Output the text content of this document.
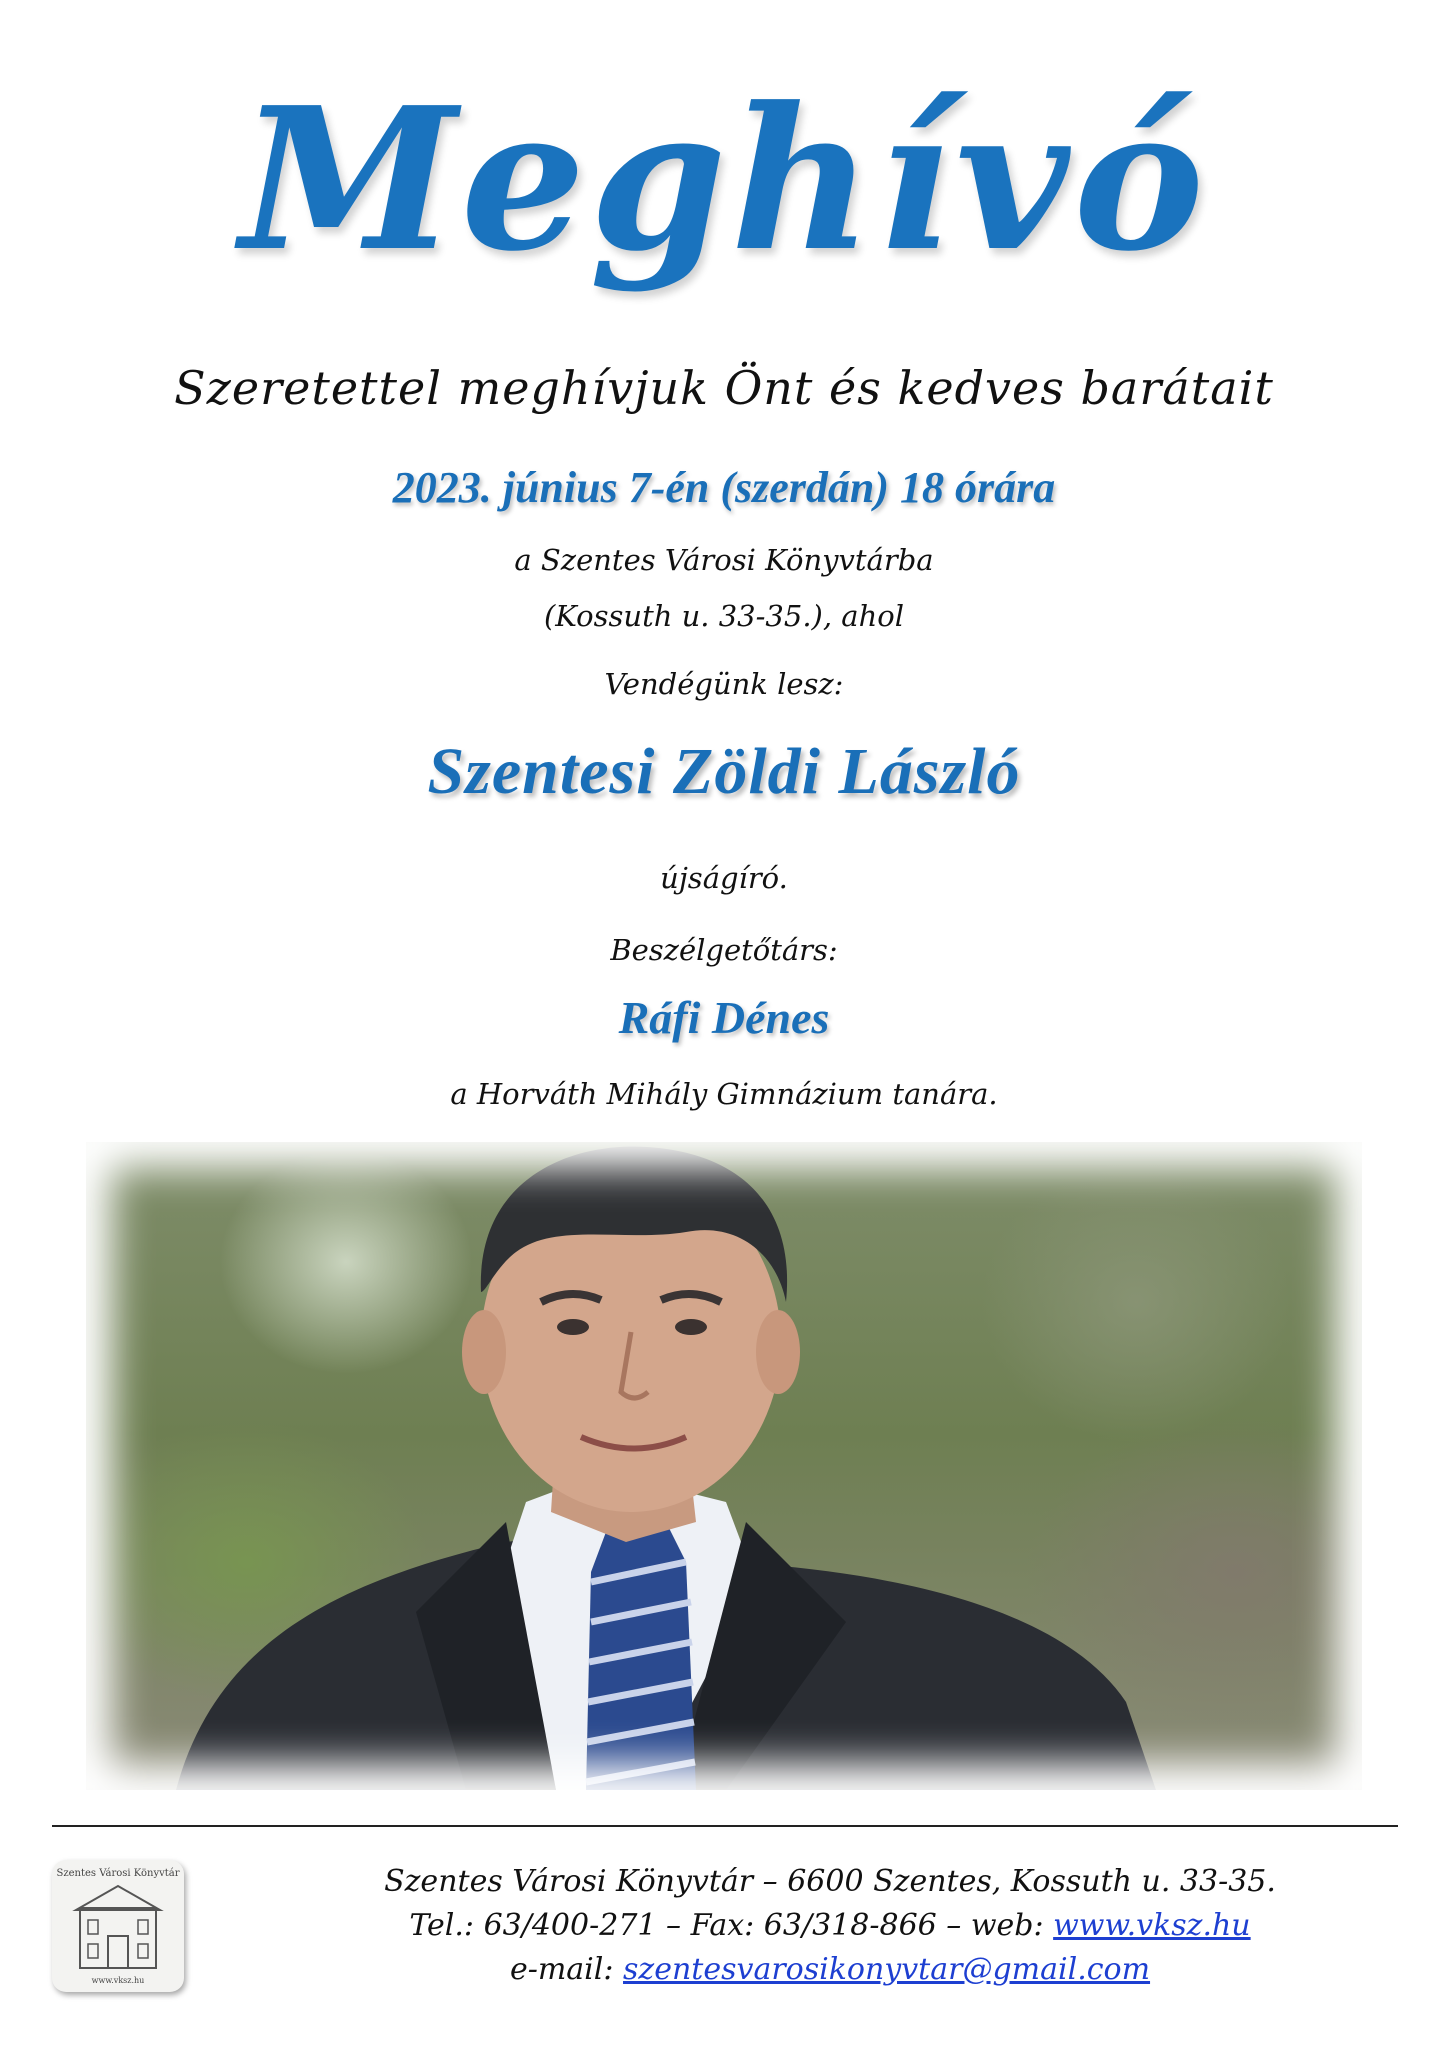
Meghívó
Szeretettel meghívjuk Önt és kedves barátait
2023. június 7-én (szerdán) 18 órára
a Szentes Városi Könyvtárba
(Kossuth u. 33-35.), ahol
Vendégünk lesz:
Szentesi Zöldi László
újságíró.
Beszélgetőtárs:
Ráfi Dénes
a Horváth Mihály Gimnázium tanára.
Szentes Városi Könyvtár
www.vksz.hu
Szentes Városi Könyvtár – 6600 Szentes, Kossuth u. 33-35.
Tel.: 63/400-271 – Fax: 63/318-866 – web: www.vksz.hu
e-mail: szentesvarosikonyvtar@gmail.com
